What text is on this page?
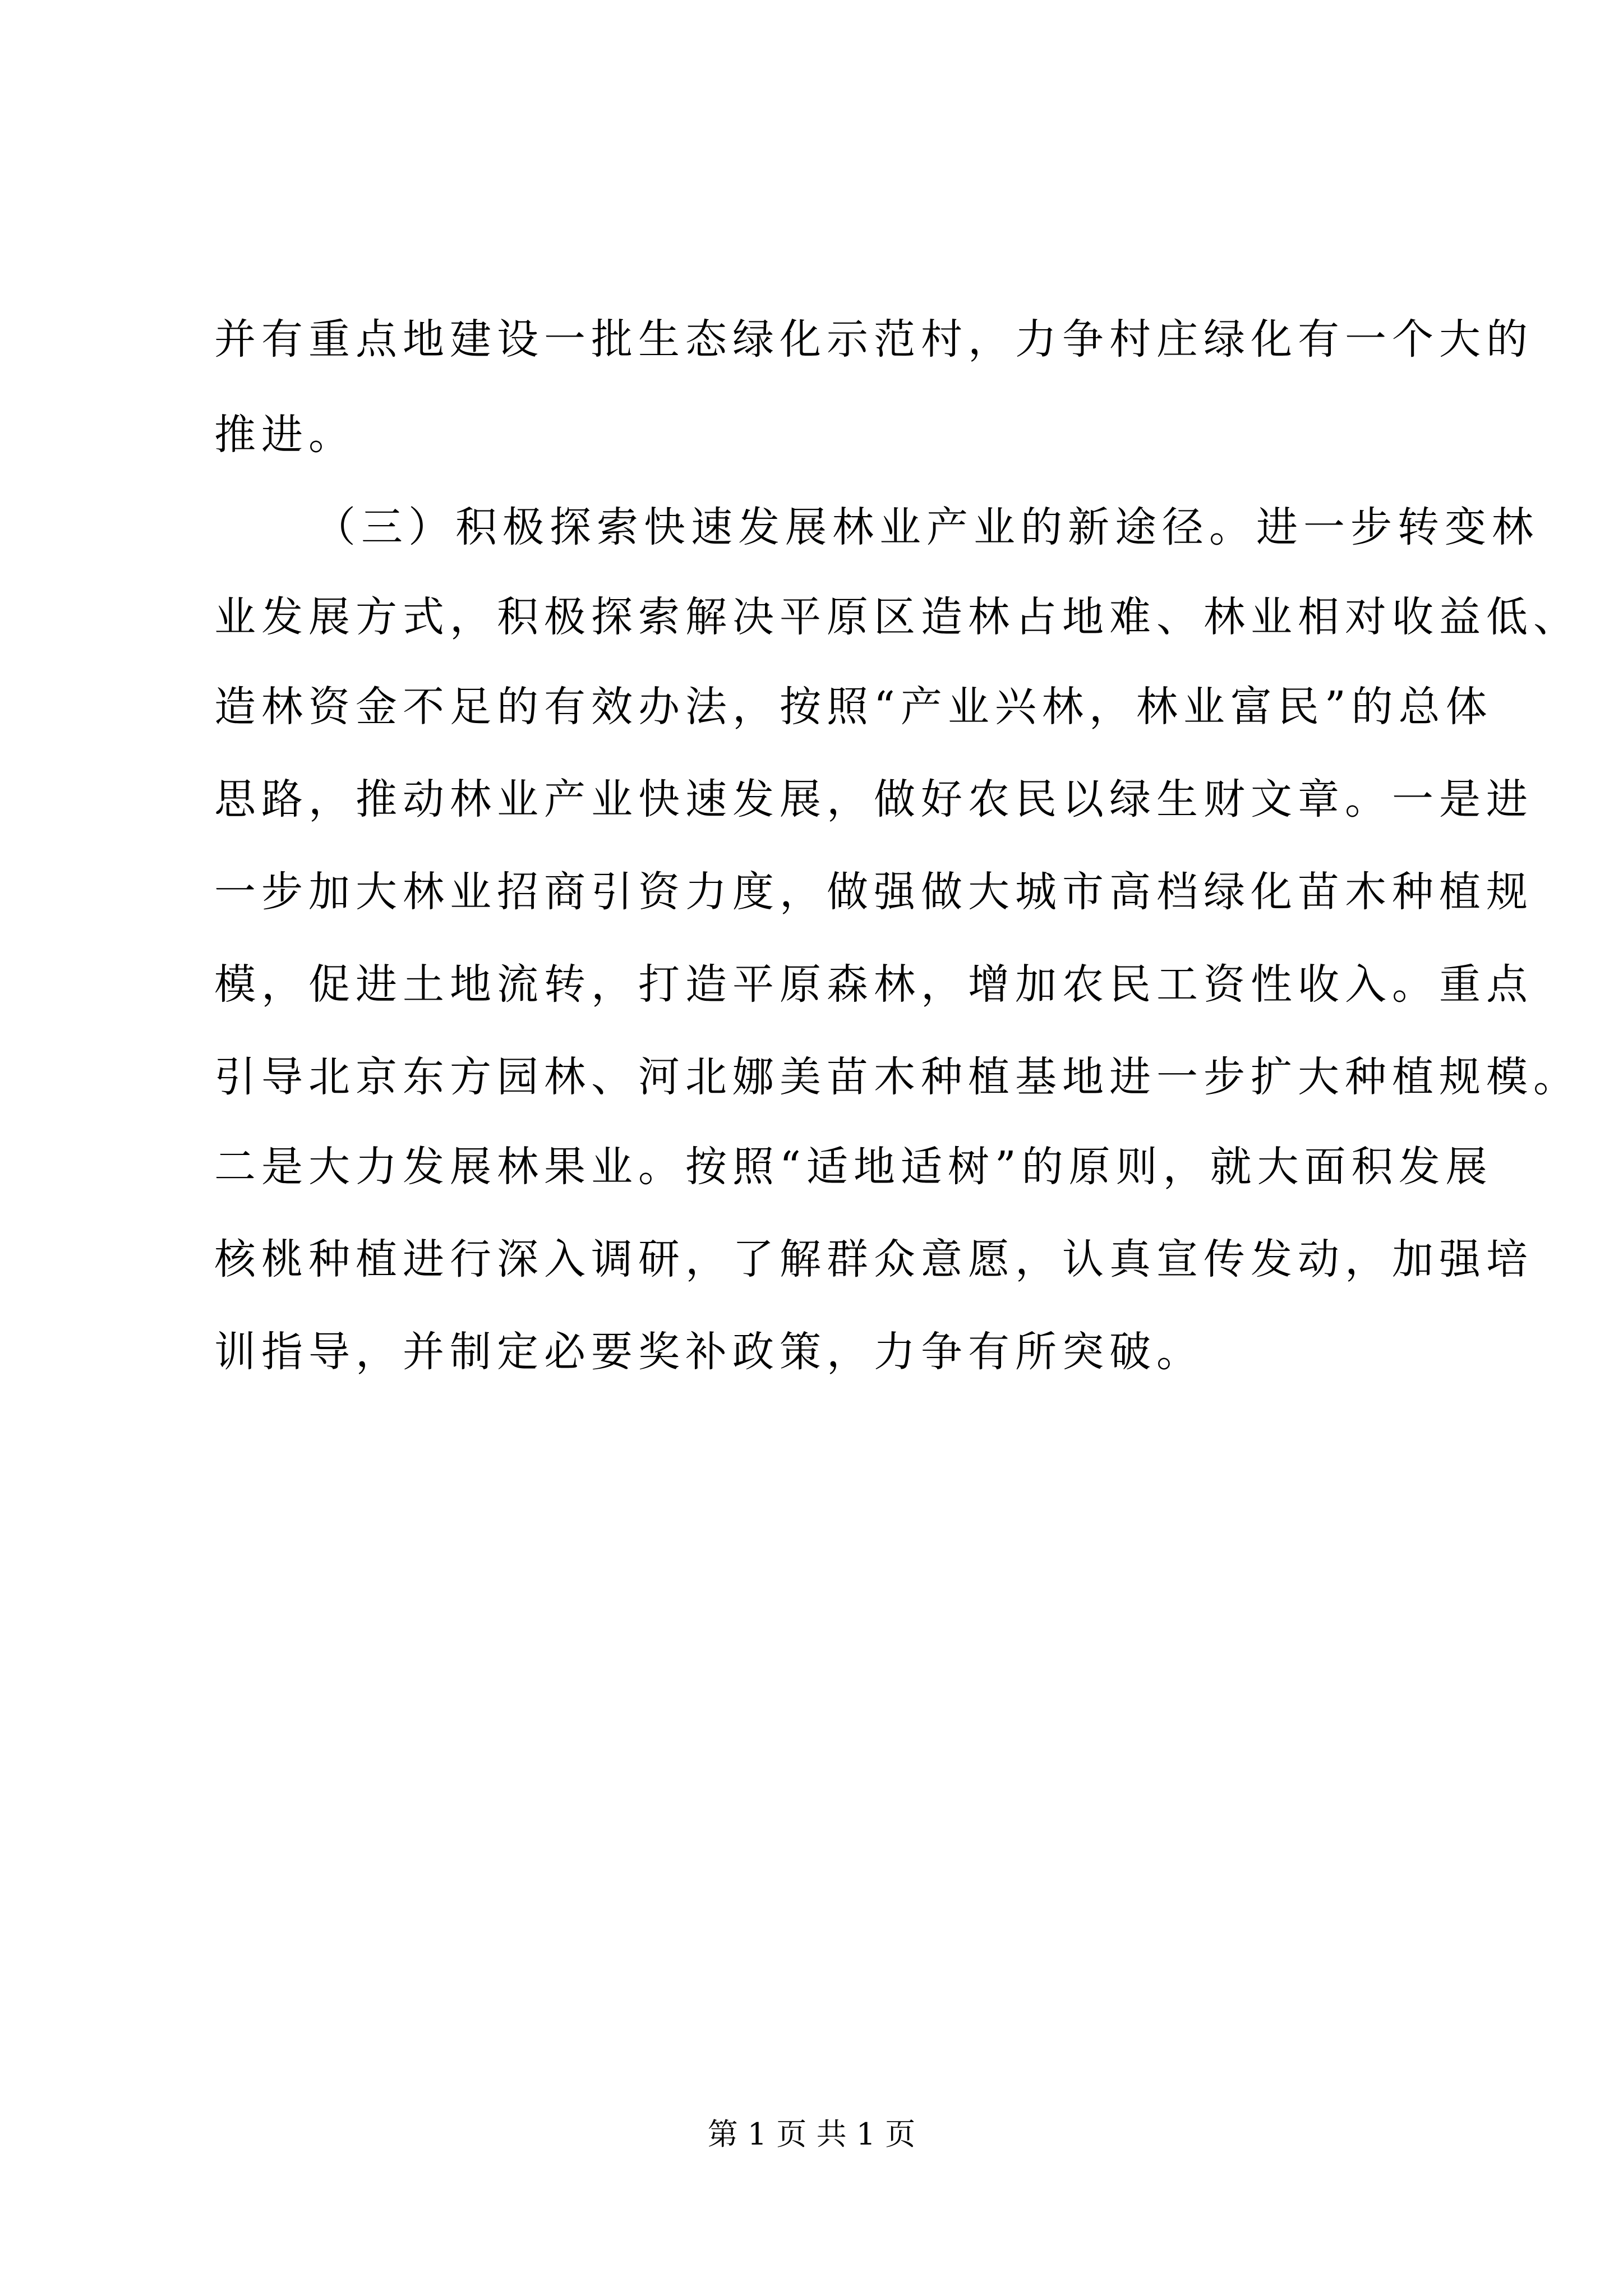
并有重点地建设一批生态绿化示范村，力争村庄绿化有一个大的
推进。
（三）积极探索快速发展林业产业的新途径。进一步转变林
业发展方式，积极探索解决平原区造林占地难、林业相对收益低、
造林资金不足的有效办法，按照“产业兴林，林业富民”的总体
思路，推动林业产业快速发展，做好农民以绿生财文章。一是进
一步加大林业招商引资力度，做强做大城市高档绿化苗木种植规
模，促进土地流转，打造平原森林，增加农民工资性收入。重点
引导北京东方园林、河北娜美苗木种植基地进一步扩大种植规模。
二是大力发展林果业。按照“适地适树”的原则，就大面积发展
核桃种植进行深入调研，了解群众意愿，认真宣传发动，加强培
训指导，并制定必要奖补政策，力争有所突破。
第 1 页 共 1 页
